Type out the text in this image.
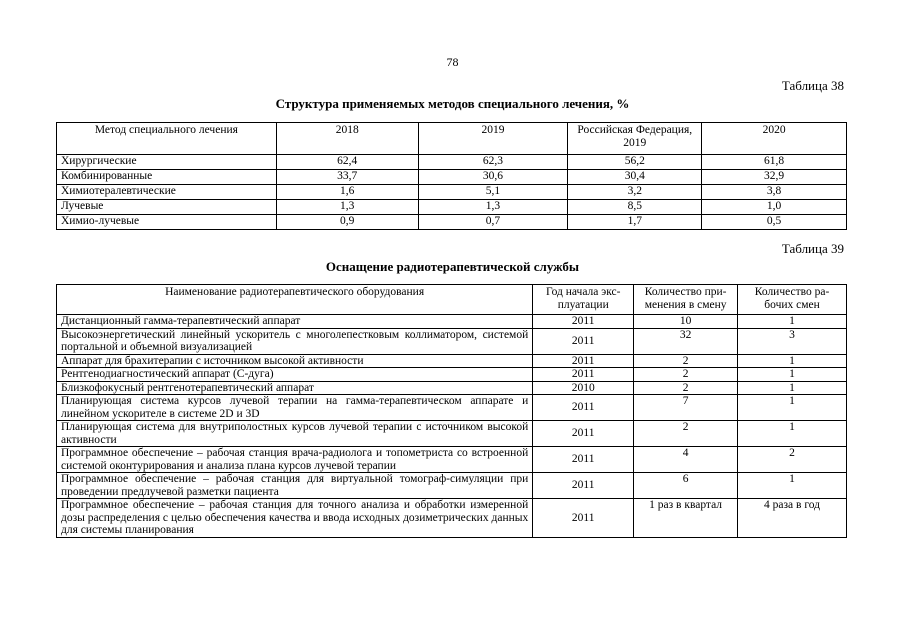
78
Таблица 38
Структура применяемых методов специального лечения, %
Метод специального лечения	2018	2019	Российская Федерация, 2019	2020
Хирургические	62,4	62,3	56,2	61,8
Комбинированные	33,7	30,6	30,4	32,9
Химиотералевтические	1,6	5,1	3,2	3,8
Лучевые	1,3	1,3	8,5	1,0
Химио-лучевые	0,9	0,7	1,7	0,5
Таблица 39
Оснащение радиотерапевтической службы
Наименование радиотерапевтического оборудования	Год начала экс-плуатации	Количество при-менения в смену	Количество ра-бочих смен
Дистанционный гамма-терапевтический аппарат	2011	10	1
Высокоэнергетический линейный ускоритель с многолепестковым коллиматором, системой портальной и объемной визуализацией	2011	32	3
Аппарат для брахитерапии с источником высокой активности	2011	2	1
Рентгенодиагностический аппарат (С-дуга)	2011	2	1
Близкофокусный рентгенотерапевтический аппарат	2010	2	1
Планирующая система курсов лучевой терапии на гамма-терапевтическом аппарате и линейном ускорителе в системе 2D и 3D	2011	7	1
Планирующая система для внутриполостных курсов лучевой терапии с источником высокой активности	2011	2	1
Программное обеспечение – рабочая станция врача-радиолога и топометриста со встроенной системой оконтурирования и анализа плана курсов лучевой терапии	2011	4	2
Программное обеспечение – рабочая станция для виртуальной томограф-симуляции при проведении предлучевой разметки пациента	2011	6	1
Программное обеспечение – рабочая станция для точного анализа и обработки измеренной дозы распределения с целью обеспечения качества и ввода исходных дозиметрических данных для системы планирования	2011	1 раз в квартал	4 раза в год
